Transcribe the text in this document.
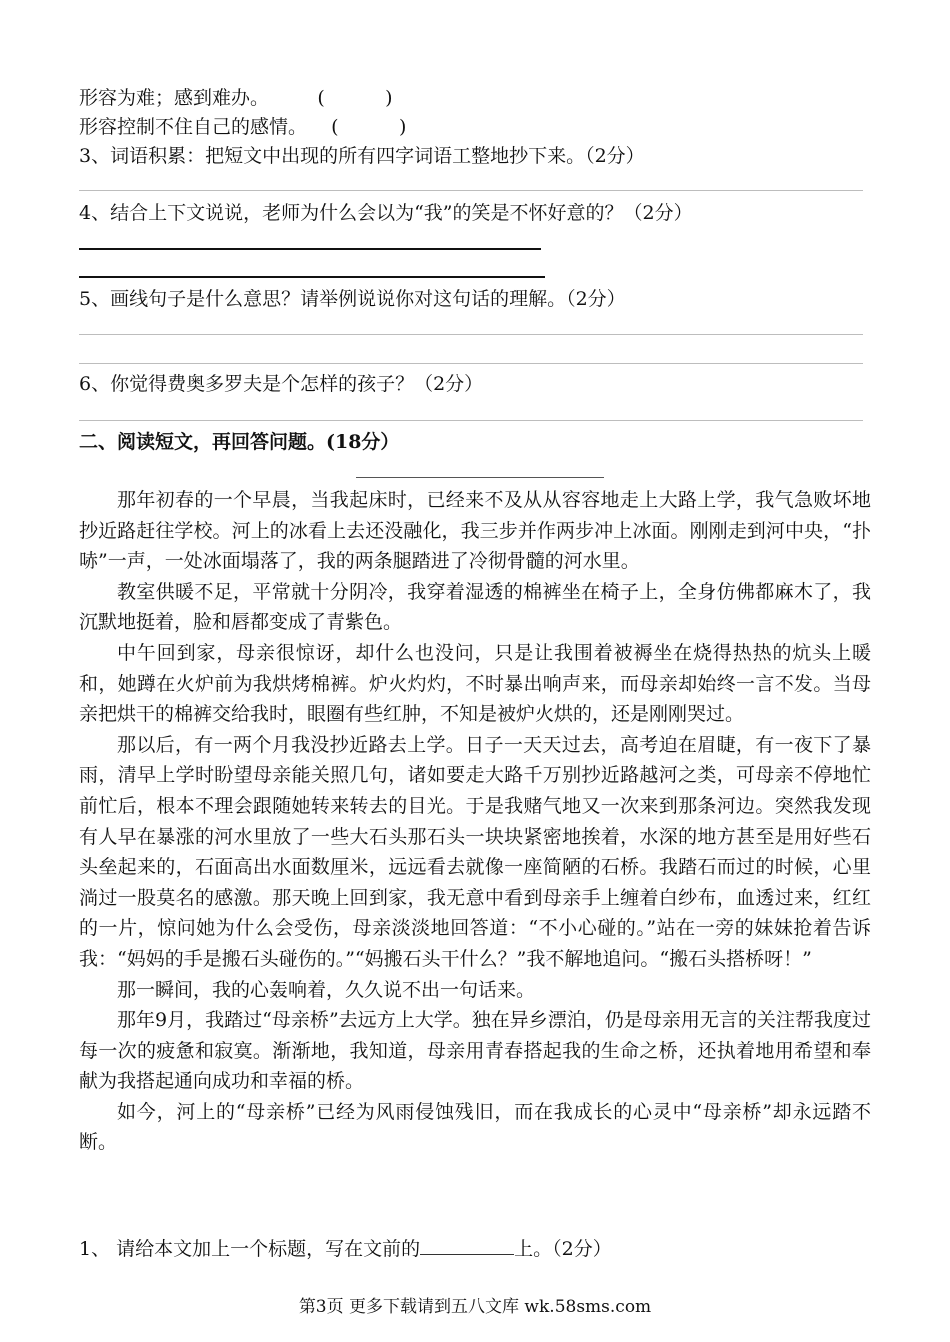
形容为难；感到难办。        (          )
形容控制不住自己的感情。    (          )
3、词语积累：把短文中出现的所有四字词语工整地抄下来。（2分）
4、结合上下文说说，老师为什么会以为“我”的笑是不怀好意的？（2分）
5、画线句子是什么意思？请举例说说你对这句话的理解。（2分）
6、你觉得费奥多罗夫是个怎样的孩子？（2分）
二、阅读短文，再回答问题。(18分）

那年初春的一个早晨，当我起床时，已经来不及从从容容地走上大路上学，我气急败坏地抄近路赶往学校。河上的冰看上去还没融化，我三步并作两步冲上冰面。刚刚走到河中央，“扑哧”一声，一处冰面塌落了，我的两条腿踏进了冷彻骨髓的河水里。

教室供暖不足，平常就十分阴冷，我穿着湿透的棉裤坐在椅子上，全身仿佛都麻木了，我沉默地挺着，脸和唇都变成了青紫色。

中午回到家，母亲很惊讶，却什么也没问，只是让我围着被褥坐在烧得热热的炕头上暖和，她蹲在火炉前为我烘烤棉裤。炉火灼灼，不时暴出响声来，而母亲却始终一言不发。当母亲把烘干的棉裤交给我时，眼圈有些红肿，不知是被炉火烘的，还是刚刚哭过。

那以后，有一两个月我没抄近路去上学。日子一天天过去，高考迫在眉睫，有一夜下了暴雨，清早上学时盼望母亲能关照几句，诸如要走大路千万别抄近路越河之类，可母亲不停地忙前忙后，根本不理会跟随她转来转去的目光。于是我赌气地又一次来到那条河边。突然我发现有人早在暴涨的河水里放了一些大石头那石头一块块紧密地挨着，水深的地方甚至是用好些石头垒起来的，石面高出水面数厘米，远远看去就像一座简陋的石桥。我踏石而过的时候，心里淌过一股莫名的感激。那天晚上回到家，我无意中看到母亲手上缠着白纱布，血透过来，红红的一片，惊问她为什么会受伤，母亲淡淡地回答道：“不小心碰的。”站在一旁的妹妹抢着告诉我：“妈妈的手是搬石头碰伤的。”“妈搬石头干什么？”我不解地追问。“搬石头搭桥呀！”

那一瞬间，我的心轰响着，久久说不出一句话来。

那年9月，我踏过“母亲桥”去远方上大学。独在异乡漂泊，仍是母亲用无言的关注帮我度过每一次的疲惫和寂寞。渐渐地，我知道，母亲用青春搭起我的生命之桥，还执着地用希望和奉献为我搭起通向成功和幸福的桥。

如今，河上的“母亲桥”已经为风雨侵蚀残旧，而在我成长的心灵中“母亲桥”却永远踏不断。

1、 请给本文加上一个标题，写在文前的	上。（2分）
第3页 更多下载请到五八文库 wk.58sms.com
